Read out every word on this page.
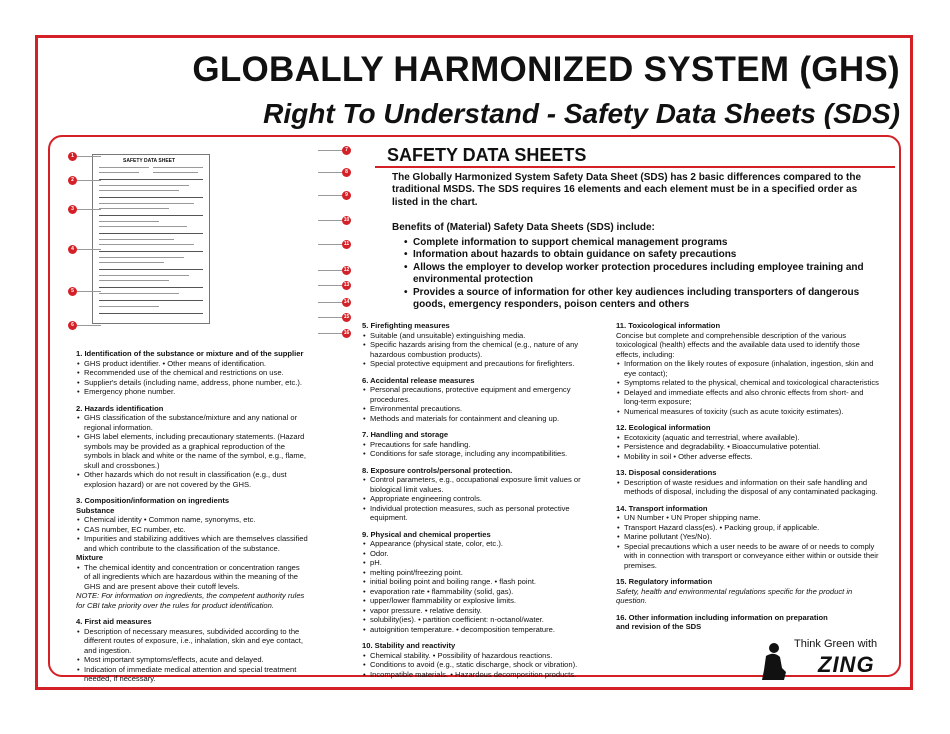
GLOBALLY HARMONIZED SYSTEM (GHS)
Right To Understand - Safety Data Sheets (SDS)
SAFETY DATA SHEETS
The Globally Harmonized System Safety Data Sheet (SDS) has 2 basic differences compared to the traditional MSDS. The SDS requires 16 elements and each element must be in a specified order as listed in the chart.
Benefits of (Material) Safety Data Sheets (SDS) include:
• Complete information to support chemical management programs
• Information about hazards to obtain guidance on safety precautions
• Allows the employer to develop worker protection procedures including employee training and environmental protection
• Provides a source of information for other key audiences including transporters of dangerous goods, emergency responders, poison centers and others
SAFETY DATA SHEET
1
2
3
4
5
6
7
8
9
10
11
12
13
14
15
16
1. Identification of the substance or mixture and of the supplier
• GHS product identifier. • Other means of identification.
• Recommended use of the chemical and restrictions on use.
• Supplier's details (including name, address, phone number, etc.).
• Emergency phone number.
2. Hazards identification
• GHS classification of the substance/mixture and any national or regional information.
• GHS label elements, including precautionary statements. (Hazard symbols may be provided as a graphical reproduction of the symbols in black and white or the name of the symbol, e.g., flame, skull and crossbones.)
• Other hazards which do not result in classification (e.g., dust explosion hazard) or are not covered by the GHS.
3. Composition/information on ingredients
Substance
• Chemical identity • Common name, synonyms, etc.
• CAS number, EC number, etc.
• Impurities and stabilizing additives which are themselves classified and which contribute to the classification of the substance.
Mixture
• The chemical identity and concentration or concentration ranges of all ingredients which are hazardous within the meaning of the GHS and are present above their cutoff levels.
NOTE: For information on ingredients, the competent authority rules for CBI take priority over the rules for product identification.
4. First aid measures
• Description of necessary measures, subdivided according to the different routes of exposure, i.e., inhalation, skin and eye contact, and ingestion.
• Most important symptoms/effects, acute and delayed.
• Indication of immediate medical attention and special treatment needed, if necessary.
5. Firefighting measures
• Suitable (and unsuitable) extinguishing media.
• Specific hazards arising from the chemical (e.g., nature of any hazardous combustion products).
• Special protective equipment and precautions for firefighters.
6. Accidental release measures
• Personal precautions, protective equipment and emergency procedures.
• Environmental precautions.
• Methods and materials for containment and cleaning up.
7. Handling and storage
• Precautions for safe handling.
• Conditions for safe storage, including any incompatibilities.
8. Exposure controls/personal protection.
• Control parameters, e.g., occupational exposure limit values or biological limit values.
• Appropriate engineering controls.
• Individual protection measures, such as personal protective equipment.
9. Physical and chemical properties
• Appearance (physical state, color, etc.).
• Odor.
• pH.
• melting point/freezing point.
• initial boiling point and boiling range. • flash point.
• evaporation rate • flammability (solid, gas).
• upper/lower flammability or explosive limits.
• vapor pressure. • relative density.
• solubility(ies). • partition coefficient: n-octanol/water.
• autoignition temperature. • decomposition temperature.
10. Stability and reactivity
• Chemical stability. • Possibility of hazardous reactions.
• Conditions to avoid (e.g., static discharge, shock or vibration).
• Incompatible materials. • Hazardous decomposition products.
11. Toxicological information
Concise but complete and comprehensible description of the various toxicological (health) effects and the available data used to identify those effects, including:
• Information on the likely routes of exposure (inhalation, ingestion, skin and eye contact);
• Symptoms related to the physical, chemical and toxicological characteristics
• Delayed and immediate effects and also chronic effects from short- and long-term exposure;
• Numerical measures of toxicity (such as acute toxicity estimates).
12. Ecological information
• Ecotoxicity (aquatic and terrestrial, where available).
• Persistence and degradability. • Bioaccumulative potential.
• Mobility in soil • Other adverse effects.
13. Disposal considerations
• Description of waste residues and information on their safe handling and methods of disposal, including the disposal of any contaminated packaging.
14. Transport information
• UN Number • UN Proper shipping name.
• Transport Hazard class(es). • Packing group, if applicable.
• Marine pollutant (Yes/No).
• Special precautions which a user needs to be aware of or needs to comply with in connection with transport or conveyance either within or outside their premises.
15. Regulatory information
Safety, health and environmental regulations specific for the product in question.
16. Other information including information on preparation and revision of the SDS
Think Green with
ZING
